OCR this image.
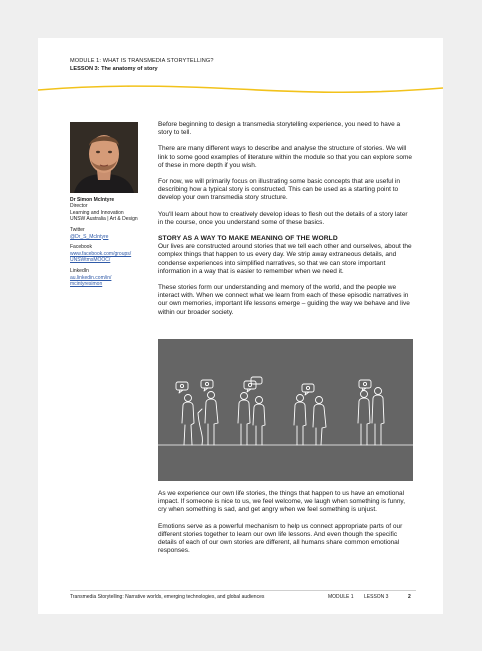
MODULE 1: WHAT IS TRANSMEDIA STORYTELLING?
LESSON 3: The anatomy of story
Dr Simon McIntyre
Director
Learning and Innovation
UNSW Australia | Art & Design
Twitter
@Dr_S_McIntyre
Facebook
www.facebook.com/groups/
UNSWtmsMOOC/
LinkedIn
au.linkedin.com/in/
mcintyresimon

Before beginning to design a transmedia storytelling experience, you need to have a story to tell.

There are many different ways to describe and analyse the structure of stories. We will link to some good examples of literature within the module so that you can explore some of these in more depth if you wish.

For now, we will primarily focus on illustrating some basic concepts that are useful in describing how a typical story is constructed. This can be used as a starting point to develop your own transmedia story structure.

You'll learn about how to creatively develop ideas to flesh out the details of a story later in the course, once you understand some of these basics.

STORY AS A WAY TO MAKE MEANING OF THE WORLD

Our lives are constructed around stories that we tell each other and ourselves, about the complex things that happen to us every day. We strip away extraneous details, and condense experiences into simplified narratives, so that we can store important information in a way that is easier to remember when we need it.

These stories form our understanding and memory of the world, and the people we interact with. When we connect what we learn from each of these episodic narratives in our own memories, important life lessons emerge – guiding the way we behave and live within our broader society.

As we experience our own life stories, the things that happen to us have an emotional impact. If someone is nice to us, we feel welcome, we laugh when something is funny, cry when something is sad, and get angry when we feel something is unjust.

Emotions serve as a powerful mechanism to help us connect appropriate parts of our different stories together to learn our own life lessons. And even though the specific details of each of our own stories are different, all humans share common emotional responses.

Transmedia Storytelling: Narrative worlds, emerging technologies, and global audiences	MODULE 1 LESSON 3	2
